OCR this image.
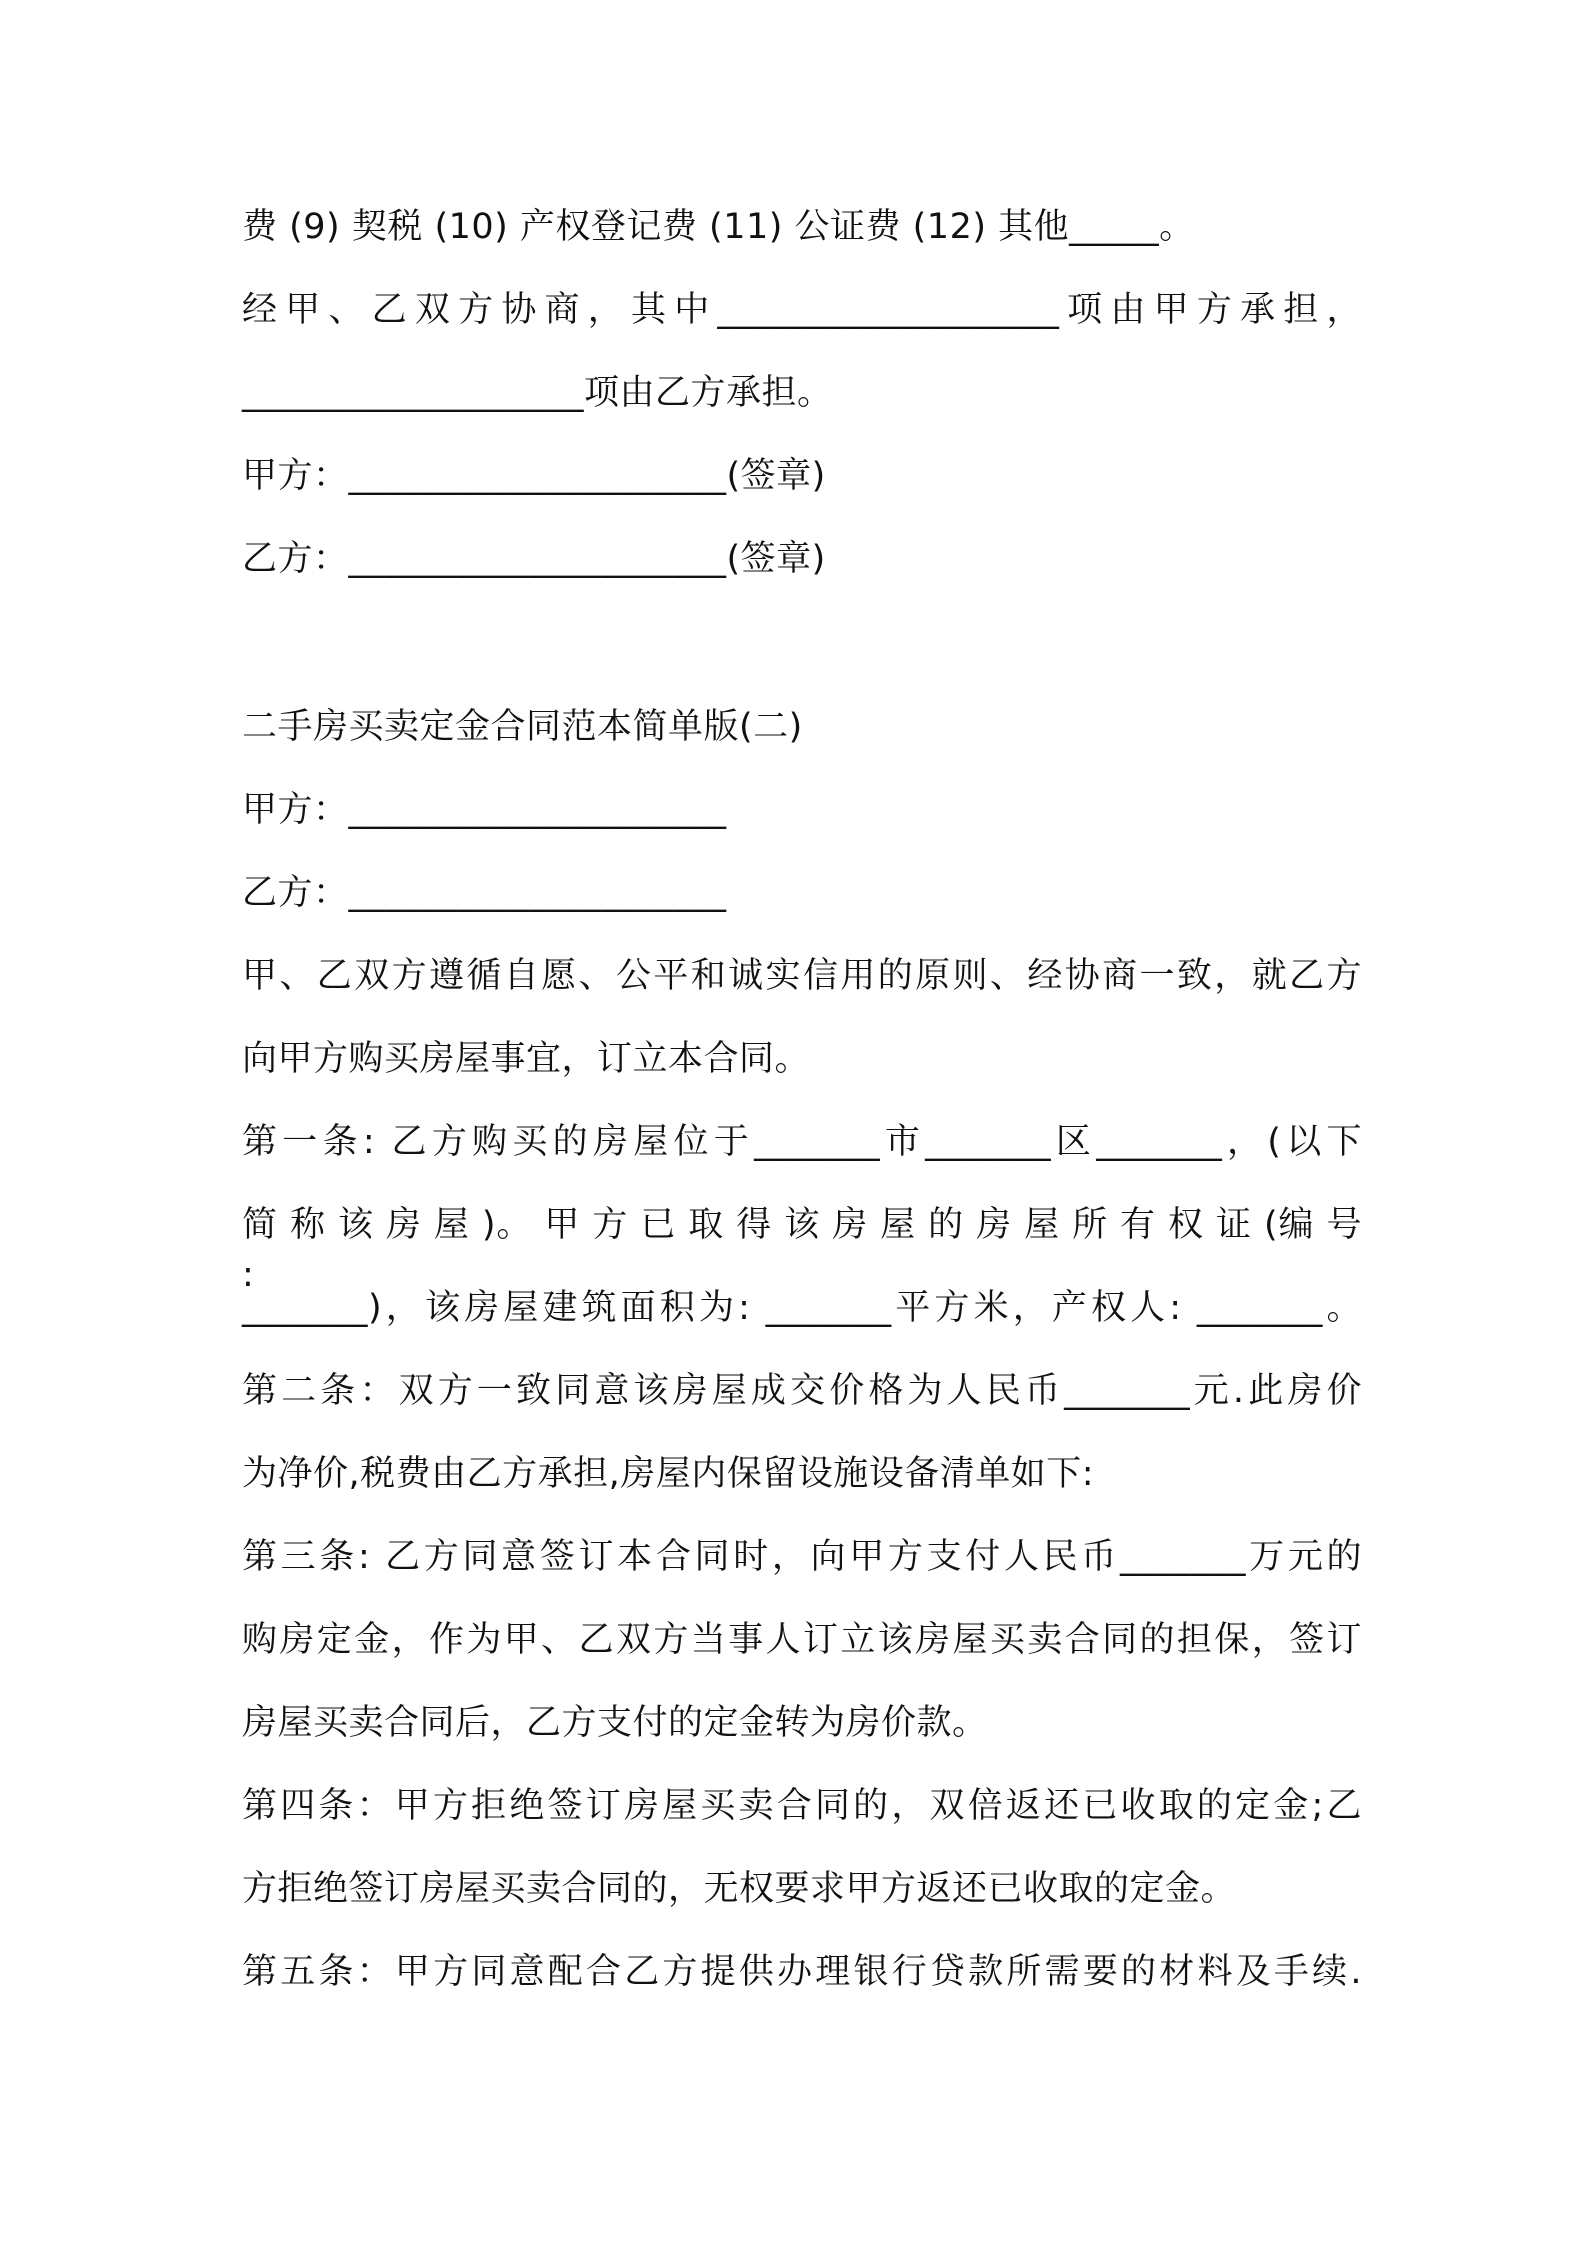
费 (9) 契税 (10) 产权登记费 (11) 公证费 (12) 其他_____。
经甲、乙双方协商，其中___________________项由甲方承担，
___________________项由乙方承担。
甲方：_____________________(签章)
乙方：_____________________(签章)
二手房买卖定金合同范本简单版(二)
甲方：_____________________
乙方：_____________________
甲、乙双方遵循自愿、公平和诚实信用的原则、经协商一致，就乙方
向甲方购买房屋事宜，订立本合同。
第一条: 乙方购买的房屋位于_______市_______区_______，(以下
简 称 该 房 屋 )。 甲 方 已 取 得 该 房 屋 的 房 屋 所 有 权 证 (编 号 :
_______)，该房屋建筑面积为: _______平方米，产权人: _______。
第二条：双方一致同意该房屋成交价格为人民币_______元.此房价
为净价,税费由乙方承担,房屋内保留设施设备清单如下:
第三条: 乙方同意签订本合同时，向甲方支付人民币_______万元的
购房定金，作为甲、乙双方当事人订立该房屋买卖合同的担保，签订
房屋买卖合同后，乙方支付的定金转为房价款。
第四条：甲方拒绝签订房屋买卖合同的，双倍返还已收取的定金;乙
方拒绝签订房屋买卖合同的，无权要求甲方返还已收取的定金。
第五条：甲方同意配合乙方提供办理银行贷款所需要的材料及手续.
